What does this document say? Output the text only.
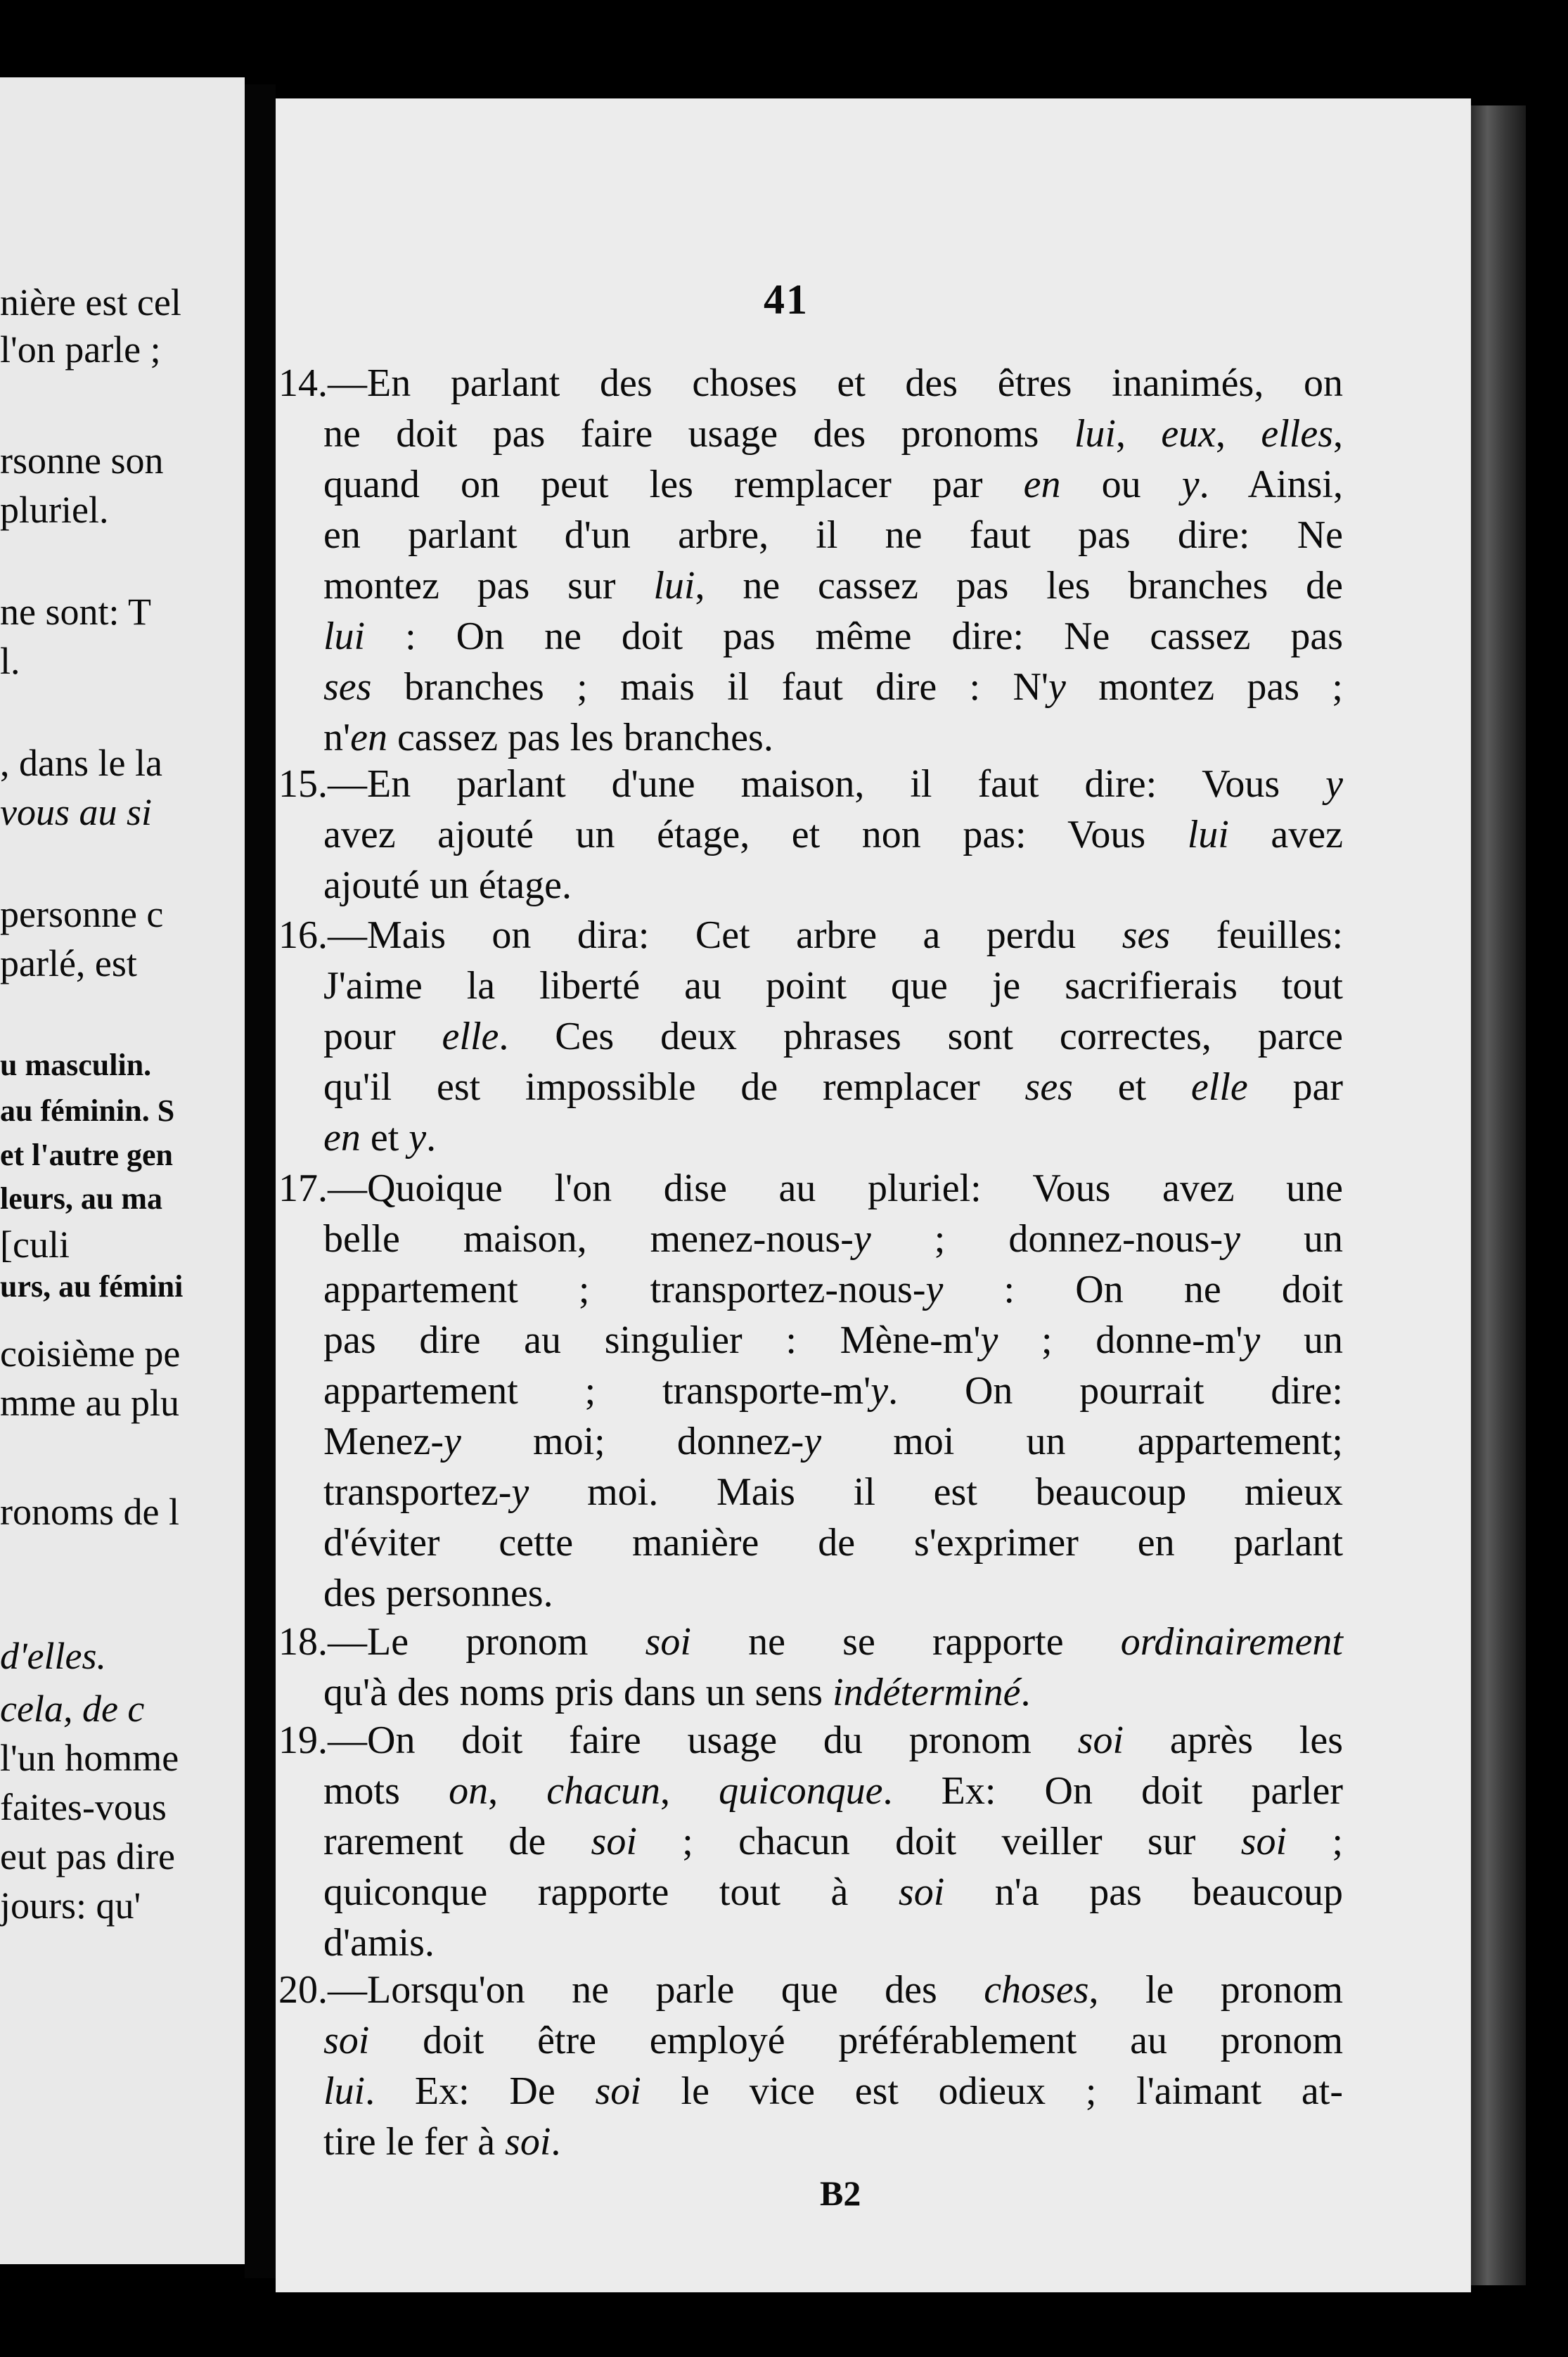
nière est cel
l'on parle ;
rsonne son
pluriel.
ne sont: T
l.
, dans le la
vous au si
personne c
parlé, est
u masculin.
au féminin. S
et l'autre gen
leurs, au ma
[culi
urs, au fémini
coisième pe
mme au plu
ronoms de l
d'elles.
cela, de c
l'un homme
faites-vous
eut pas dire
jours: qu'
41
14.—En parlant des choses et des êtres inanimés, on
ne doit pas faire usage des pronoms lui, eux, elles,
quand on peut les remplacer par en ou y. Ainsi,
en parlant d'un arbre, il ne faut pas dire: Ne
montez pas sur lui, ne cassez pas les branches de
lui : On ne doit pas même dire: Ne cassez pas
ses branches ; mais il faut dire : N'y montez pas ;
n'en cassez pas les branches.
15.—En parlant d'une maison, il faut dire: Vous y
avez ajouté un étage, et non pas: Vous lui avez
ajouté un étage.
16.—Mais on dira: Cet arbre a perdu ses feuilles:
J'aime la liberté au point que je sacrifierais tout
pour elle. Ces deux phrases sont correctes, parce
qu'il est impossible de remplacer ses et elle par
en et y.
17.—Quoique l'on dise au pluriel: Vous avez une
belle maison, menez-nous-y ; donnez-nous-y un
appartement ; transportez-nous-y : On ne doit
pas dire au singulier : Mène-m'y ; donne-m'y un
appartement ; transporte-m'y. On pourrait dire:
Menez-y moi; donnez-y moi un appartement;
transportez-y moi. Mais il est beaucoup mieux
d'éviter cette manière de s'exprimer en parlant
des personnes.
18.—Le pronom soi ne se rapporte ordinairement
qu'à des noms pris dans un sens indéterminé.
19.—On doit faire usage du pronom soi après les
mots on, chacun, quiconque. Ex: On doit parler
rarement de soi ; chacun doit veiller sur soi ;
quiconque rapporte tout à soi n'a pas beaucoup
d'amis.
20.—Lorsqu'on ne parle que des choses, le pronom
soi doit être employé préférablement au pronom
lui. Ex: De soi le vice est odieux ; l'aimant at-
tire le fer à soi.
B2
